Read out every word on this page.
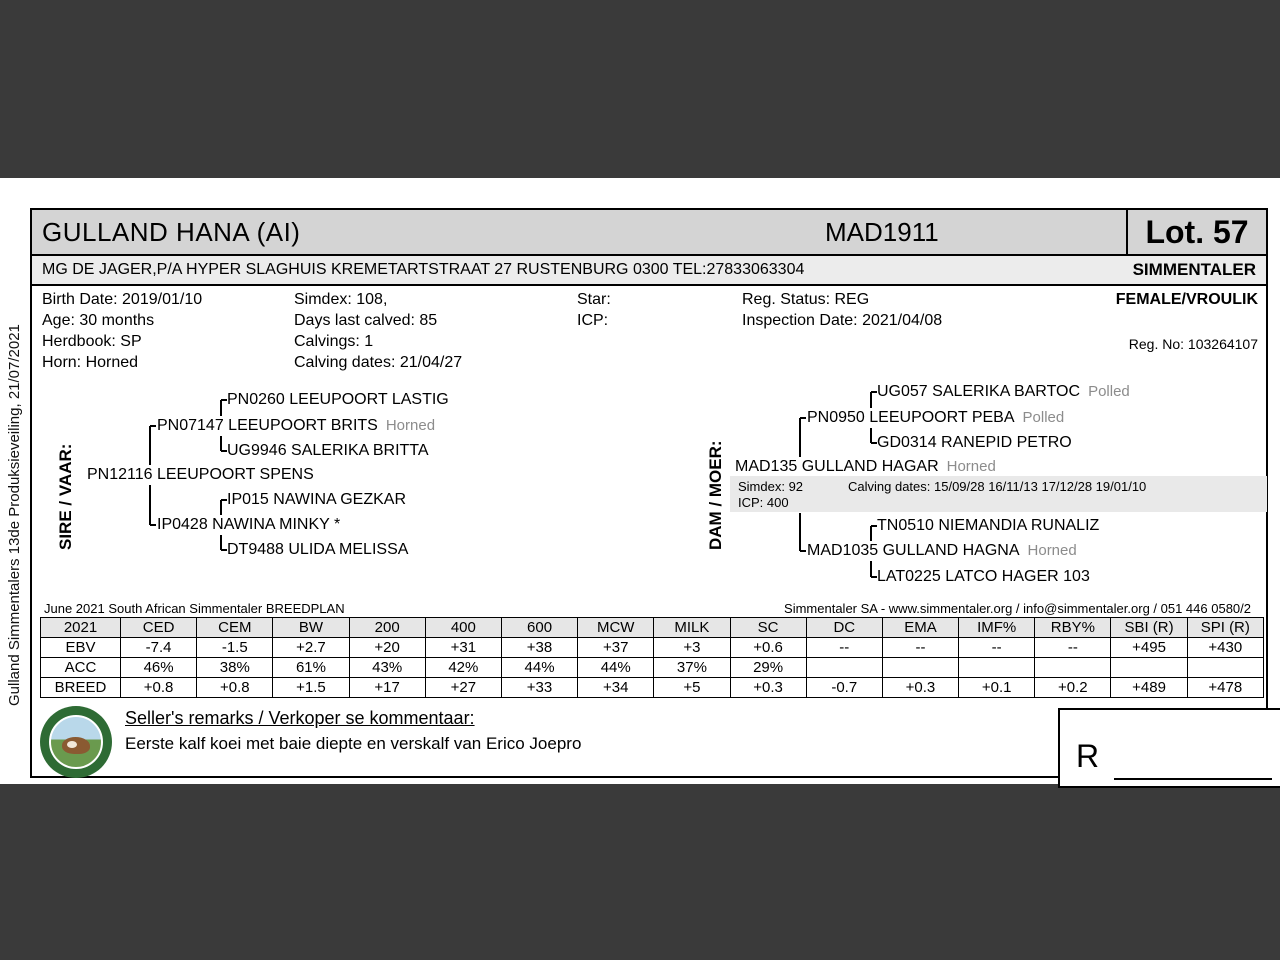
Gulland Simmentalers 13de Produksieveiling, 21/07/2021
GULLAND HANA (AI)	MAD1911	Lot. 57
MG DE JAGER,P/A HYPER SLAGHUIS KREMETARTSTRAAT 27 RUSTENBURG 0300 TEL:27833063304	SIMMENTALER
Birth Date: 2019/01/10
Age: 30 months
Herdbook: SP
Horn: Horned
Simdex: 108,
Days last calved: 85
Calvings: 1
Calving dates: 21/04/27
Star:
ICP:
Reg. Status: REG
Inspection Date: 2021/04/08
FEMALE/VROULIK
Reg. No: 103264107
SIRE / VAAR:
PN0260 LEEUPOORT LASTIG
PN07147 LEEUPOORT BRITS Horned
UG9946 SALERIKA BRITTA
PN12116 LEEUPOORT SPENS
IP015 NAWINA GEZKAR
IP0428 NAWINA MINKY *
DT9488 ULIDA MELISSA	DAM / MOER:
UG057 SALERIKA BARTOC Polled
PN0950 LEEUPOORT PEBA Polled
GD0314 RANEPID PETRO
MAD135 GULLAND HAGAR Horned
Simdex: 92	Calving dates: 15/09/28 16/11/13 17/12/28 19/01/10
ICP: 400
TN0510 NIEMANDIA RUNALIZ
MAD1035 GULLAND HAGNA Horned
LAT0225 LATCO HAGER 103
June 2021 South African Simmentaler BREEDPLAN	Simmentaler SA - www.simmentaler.org / info@simmentaler.org / 051 446 0580/2
2021	CED	CEM	BW	200	400	600	MCW	MILK	SC	DC	EMA	IMF%	RBY%	SBI (R)	SPI (R)
EBV	-7.4	-1.5	+2.7	+20	+31	+38	+37	+3	+0.6	--	--	--	--	+495	+430
ACC	46%	38%	61%	43%	42%	44%	44%	37%	29%						
BREED	+0.8	+0.8	+1.5	+17	+27	+33	+34	+5	+0.3	-0.7	+0.3	+0.1	+0.2	+489	+478
Seller's remarks / Verkoper se kommentaar:
Eerste kalf koei met baie diepte en verskalf van Erico Joepro	R
